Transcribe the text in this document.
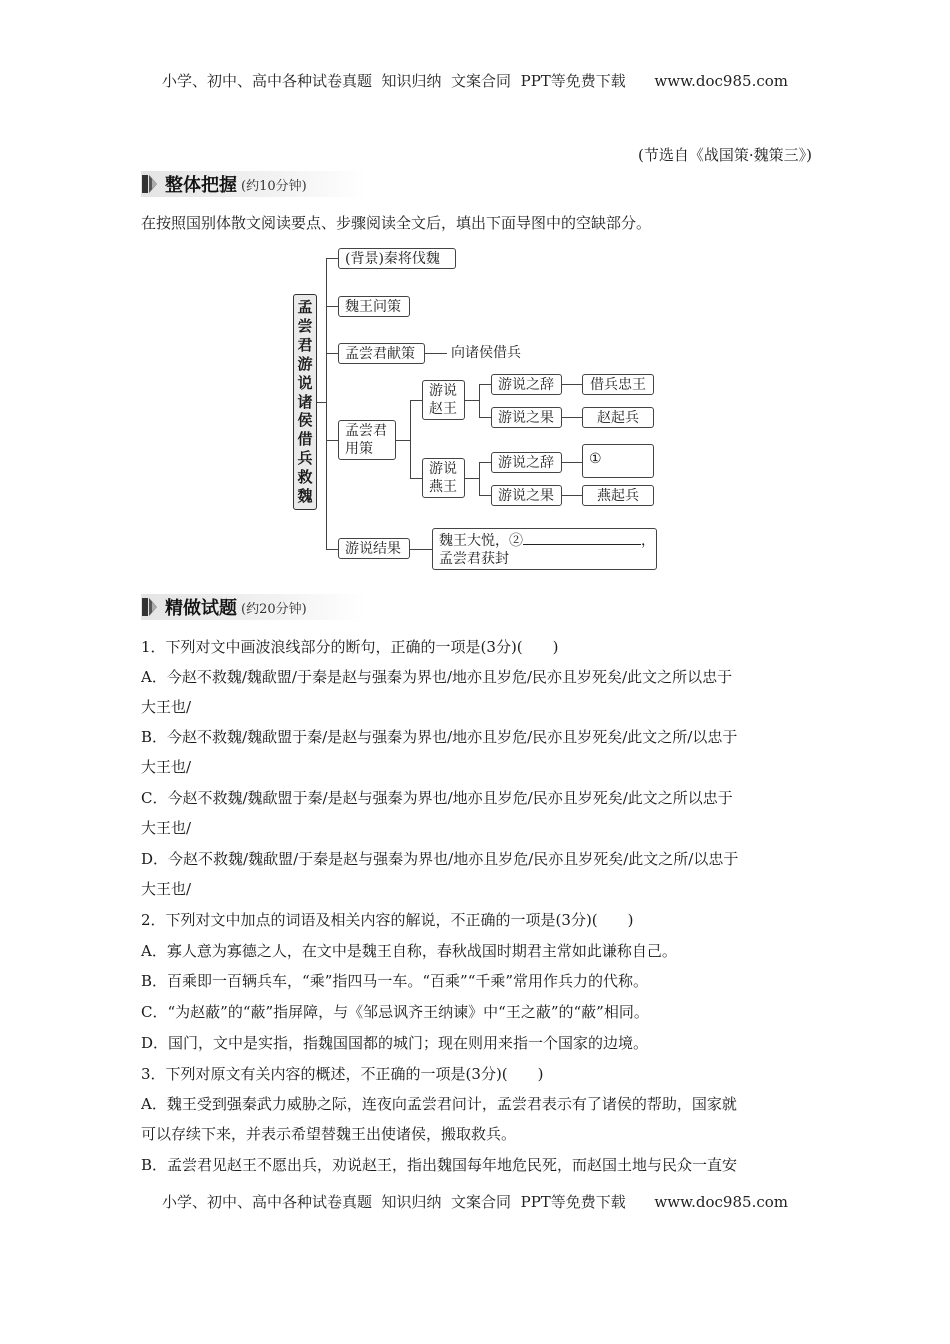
小学、初中、高中各种试卷真题  知识归纳  文案合同  PPT等免费下载      www.doc985.com
(节选自《战国策·魏策三》)
整体把握 (约10分钟)
在按照国别体散文阅读要点、步骤阅读全文后，填出下面导图中的空缺部分。
孟
尝
君
游
说
诸
侯
借
兵
救
魏
(背景)秦将伐魏
魏王问策
孟尝君献策	向诸侯借兵
孟尝君
用策
游说结果
游说
赵王
游说
燕王
游说之辞
游说之果
游说之辞
游说之果
借兵忠王
赵起兵
①
燕起兵
魏王大悦，②	，
孟尝君获封
精做试题 (约20分钟)
1．下列对文中画波浪线部分的断句，正确的一项是(3分)(　　)
A．今赵不救魏/魏歃盟/于秦是赵与强秦为界也/地亦且岁危/民亦且岁死矣/此文之所以忠于
大王也/
B．今赵不救魏/魏歃盟于秦/是赵与强秦为界也/地亦且岁危/民亦且岁死矣/此文之所/以忠于
大王也/
C．今赵不救魏/魏歃盟于秦/是赵与强秦为界也/地亦且岁危/民亦且岁死矣/此文之所以忠于
大王也/
D．今赵不救魏/魏歃盟/于秦是赵与强秦为界也/地亦且岁危/民亦且岁死矣/此文之所/以忠于
大王也/
2．下列对文中加点的词语及相关内容的解说，不正确的一项是(3分)(　　)
A．寡人意为寡德之人，在文中是魏王自称，春秋战国时期君主常如此谦称自己。
B．百乘即一百辆兵车，“乘”指四马一车。“百乘”“千乘”常用作兵力的代称。
C．“为赵蔽”的“蔽”指屏障，与《邹忌讽齐王纳谏》中“王之蔽”的“蔽”相同。
D．国门，文中是实指，指魏国国都的城门；现在则用来指一个国家的边境。
3．下列对原文有关内容的概述，不正确的一项是(3分)(　　)
A．魏王受到强秦武力威胁之际，连夜向孟尝君问计，孟尝君表示有了诸侯的帮助，国家就
可以存续下来，并表示希望替魏王出使诸侯，搬取救兵。
B．孟尝君见赵王不愿出兵，劝说赵王，指出魏国每年地危民死，而赵国土地与民众一直安
小学、初中、高中各种试卷真题  知识归纳  文案合同  PPT等免费下载      www.doc985.com
